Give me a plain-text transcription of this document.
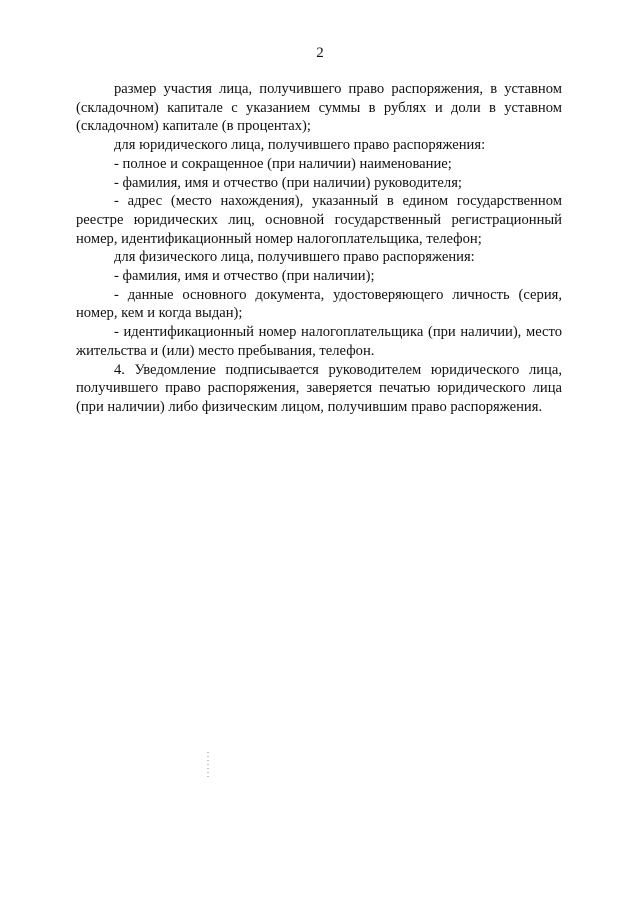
2

размер участия лица, получившего право распоряжения, в уставном (складочном) капитале с указанием суммы в рублях и доли в уставном (складочном) капитале (в процентах);

для юридического лица, получившего право распоряжения:

- полное и сокращенное (при наличии) наименование;

- фамилия, имя и отчество (при наличии) руководителя;

- адрес (место нахождения), указанный в едином государственном реестре юридических лиц, основной государственный регистрационный номер, идентификационный номер налогоплательщика, телефон;

для физического лица, получившего право распоряжения:

- фамилия, имя и отчество (при наличии);

- данные основного документа, удостоверяющего личность (серия, номер, кем и когда выдан);

- идентификационный номер налогоплательщика (при наличии), место жительства и (или) место пребывания, телефон.

4. Уведомление подписывается руководителем юридического лица, получившего право распоряжения, заверяется печатью юридического лица (при наличии) либо физическим лицом, получившим право распоряжения.
